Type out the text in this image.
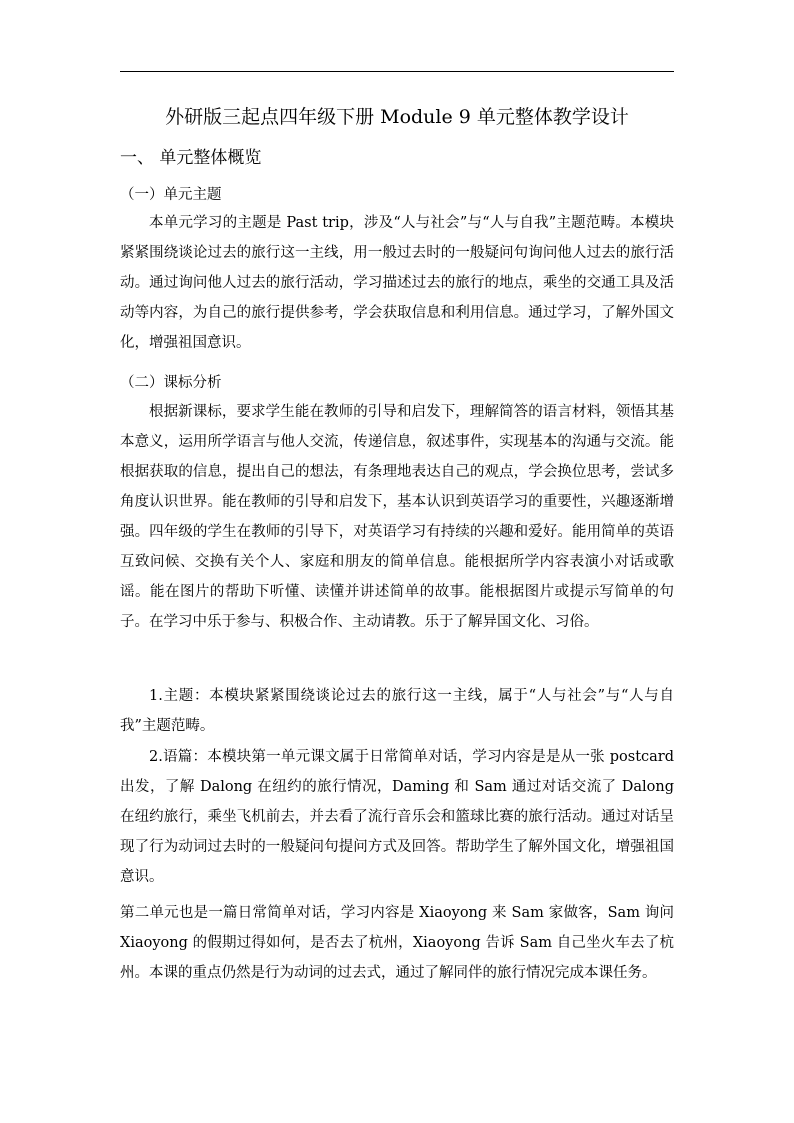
外研版三起点四年级下册 Module 9 单元整体教学设计
一、 单元整体概览
（一）单元主题

本单元学习的主题是 Past trip，涉及“人与社会”与“人与自我”主题范畴。本模块紧紧围绕谈论过去的旅行这一主线，用一般过去时的一般疑问句询问他人过去的旅行活动。通过询问他人过去的旅行活动，学习描述过去的旅行的地点，乘坐的交通工具及活动等内容，为自己的旅行提供参考，学会获取信息和利用信息。通过学习，了解外国文化，增强祖国意识。

（二）课标分析

根据新课标，要求学生能在教师的引导和启发下，理解简答的语言材料，领悟其基本意义，运用所学语言与他人交流，传递信息，叙述事件，实现基本的沟通与交流。能根据获取的信息，提出自己的想法，有条理地表达自己的观点，学会换位思考，尝试多角度认识世界。能在教师的引导和启发下，基本认识到英语学习的重要性，兴趣逐渐增强。四年级的学生在教师的引导下，对英语学习有持续的兴趣和爱好。能用简单的英语互致问候、交换有关个人、家庭和朋友的简单信息。能根据所学内容表演小对话或歌谣。能在图片的帮助下听懂、读懂并讲述简单的故事。能根据图片或提示写简单的句子。在学习中乐于参与、积极合作、主动请教。乐于了解异国文化、习俗。

1.主题：本模块紧紧围绕谈论过去的旅行这一主线，属于“人与社会”与“人与自我”主题范畴。

2.语篇：本模块第一单元课文属于日常简单对话，学习内容是是从一张 postcard 出发，了解 Dalong 在纽约的旅行情况，Daming 和 Sam 通过对话交流了 Dalong 在纽约旅行，乘坐飞机前去，并去看了流行音乐会和篮球比赛的旅行活动。通过对话呈现了行为动词过去时的一般疑问句提问方式及回答。帮助学生了解外国文化，增强祖国意识。

第二单元也是一篇日常简单对话，学习内容是 Xiaoyong 来 Sam 家做客，Sam 询问 Xiaoyong 的假期过得如何，是否去了杭州，Xiaoyong 告诉 Sam 自己坐火车去了杭州。本课的重点仍然是行为动词的过去式，通过了解同伴的旅行情况完成本课任务。
